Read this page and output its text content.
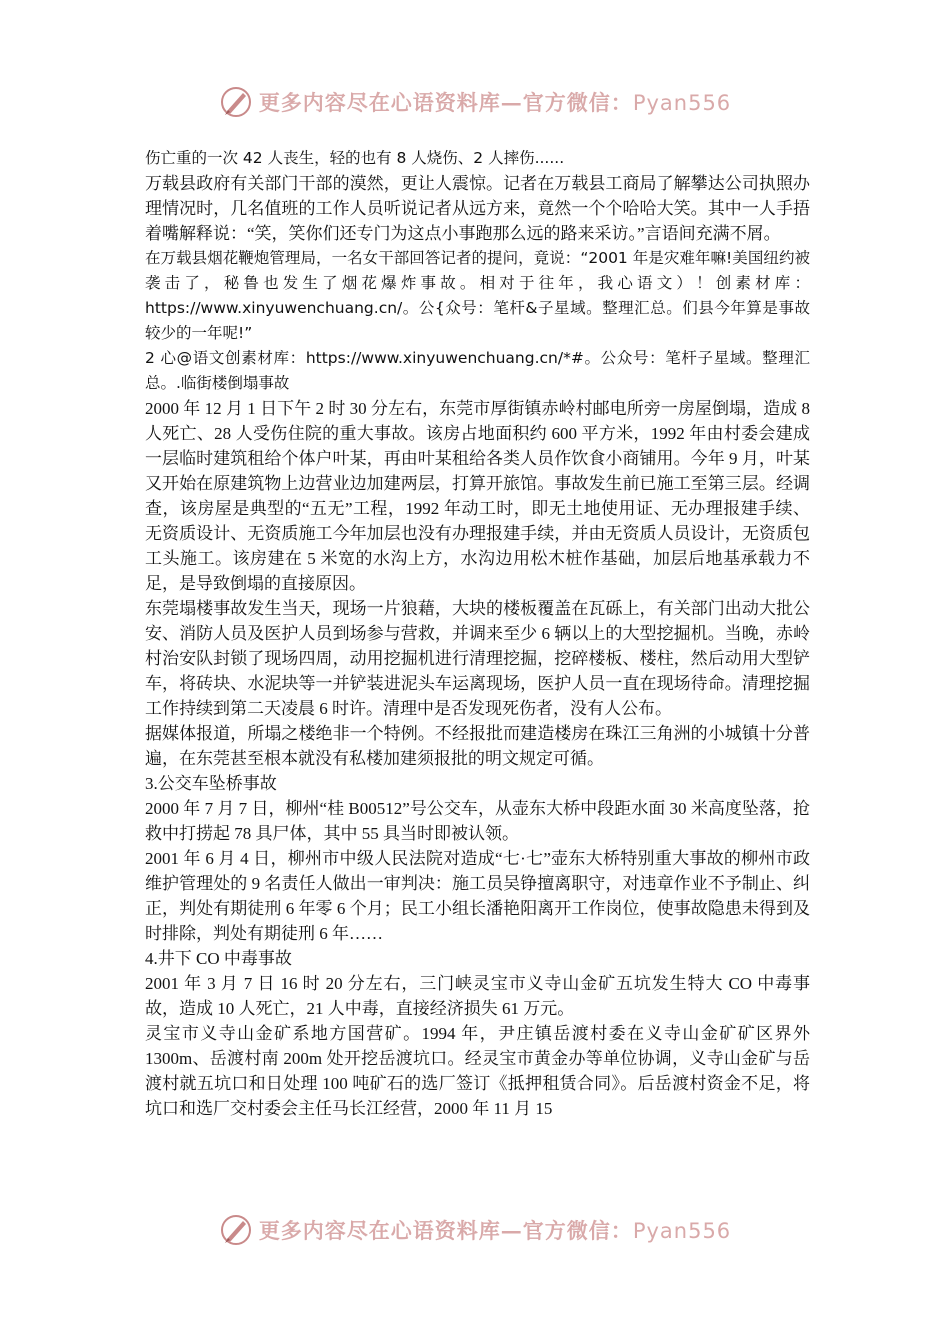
更多内容尽在心语资料库—官方微信：Pyan556

伤亡重的一次 42 人丧生，轻的也有 8 人烧伤、2 人摔伤......

万载县政府有关部门干部的漠然，更让人震惊。记者在万载县工商局了解攀达公司执照办理情况时，几名值班的工作人员听说记者从远方来，竟然一个个哈哈大笑。其中一人手捂着嘴解释说：“笑，笑你们还专门为这点小事跑那么远的路来采访。”言语间充满不屑。

在万载县烟花鞭炮管理局，一名女干部回答记者的提问，竟说：“2001 年是灾难年嘛!美国纽约被袭击了，秘鲁也发生了烟花爆炸事故。相对于往年，我心语文）！创素材库：https://www.xinyuwenchuang.cn/。公{众号：笔杆&子星域。整理汇总。们县今年算是事故较少的一年呢!”

2 心@语文创素材库：https://www.xinyuwenchuang.cn/*#。公众号：笔杆子星域。整理汇总。.临街楼倒塌事故

2000 年 12 月 1 日下午 2 时 30 分左右，东莞市厚街镇赤岭村邮电所旁一房屋倒塌，造成 8 人死亡、28 人受伤住院的重大事故。该房占地面积约 600 平方米，1992 年由村委会建成一层临时建筑租给个体户叶某，再由叶某租给各类人员作饮食小商铺用。今年 9 月，叶某又开始在原建筑物上边营业边加建两层，打算开旅馆。事故发生前已施工至第三层。经调查，该房屋是典型的“五无”工程，1992 年动工时，即无土地使用证、无办理报建手续、无资质设计、无资质施工今年加层也没有办理报建手续，并由无资质人员设计，无资质包工头施工。该房建在 5 米宽的水沟上方，水沟边用松木桩作基础，加层后地基承载力不足，是导致倒塌的直接原因。

东莞塌楼事故发生当天，现场一片狼藉，大块的楼板覆盖在瓦砾上，有关部门出动大批公安、消防人员及医护人员到场参与营救，并调来至少 6 辆以上的大型挖掘机。当晚，赤岭村治安队封锁了现场四周，动用挖掘机进行清理挖掘，挖碎楼板、楼柱，然后动用大型铲车，将砖块、水泥块等一并铲装进泥头车运离现场，医护人员一直在现场待命。清理挖掘工作持续到第二天凌晨 6 时许。清理中是否发现死伤者，没有人公布。

据媒体报道，所塌之楼绝非一个特例。不经报批而建造楼房在珠江三角洲的小城镇十分普遍，在东莞甚至根本就没有私楼加建须报批的明文规定可循。

3.公交车坠桥事故

2000 年 7 月 7 日，柳州“桂 B00512”号公交车，从壶东大桥中段距水面 30 米高度坠落，抢救中打捞起 78 具尸体，其中 55 具当时即被认领。

2001 年 6 月 4 日，柳州市中级人民法院对造成“七·七”壶东大桥特别重大事故的柳州市政维护管理处的 9 名责任人做出一审判决：施工员吴铮擅离职守，对违章作业不予制止、纠正，判处有期徒刑 6 年零 6 个月；民工小组长潘艳阳离开工作岗位，使事故隐患未得到及时排除，判处有期徒刑 6 年……

4.井下 CO 中毒事故

2001 年 3 月 7 日 16 时 20 分左右，三门峡灵宝市义寺山金矿五坑发生特大 CO 中毒事故，造成 10 人死亡，21 人中毒，直接经济损失 61 万元。

灵宝市义寺山金矿系地方国营矿。1994 年，尹庄镇岳渡村委在义寺山金矿矿区界外 1300m、岳渡村南 200m 处开挖岳渡坑口。经灵宝市黄金办等单位协调，义寺山金矿与岳渡村就五坑口和日处理 100 吨矿石的选厂签订《抵押租赁合同》。后岳渡村资金不足，将坑口和选厂交村委会主任马长江经营，2000 年 11 月 15

更多内容尽在心语资料库—官方微信：Pyan556
